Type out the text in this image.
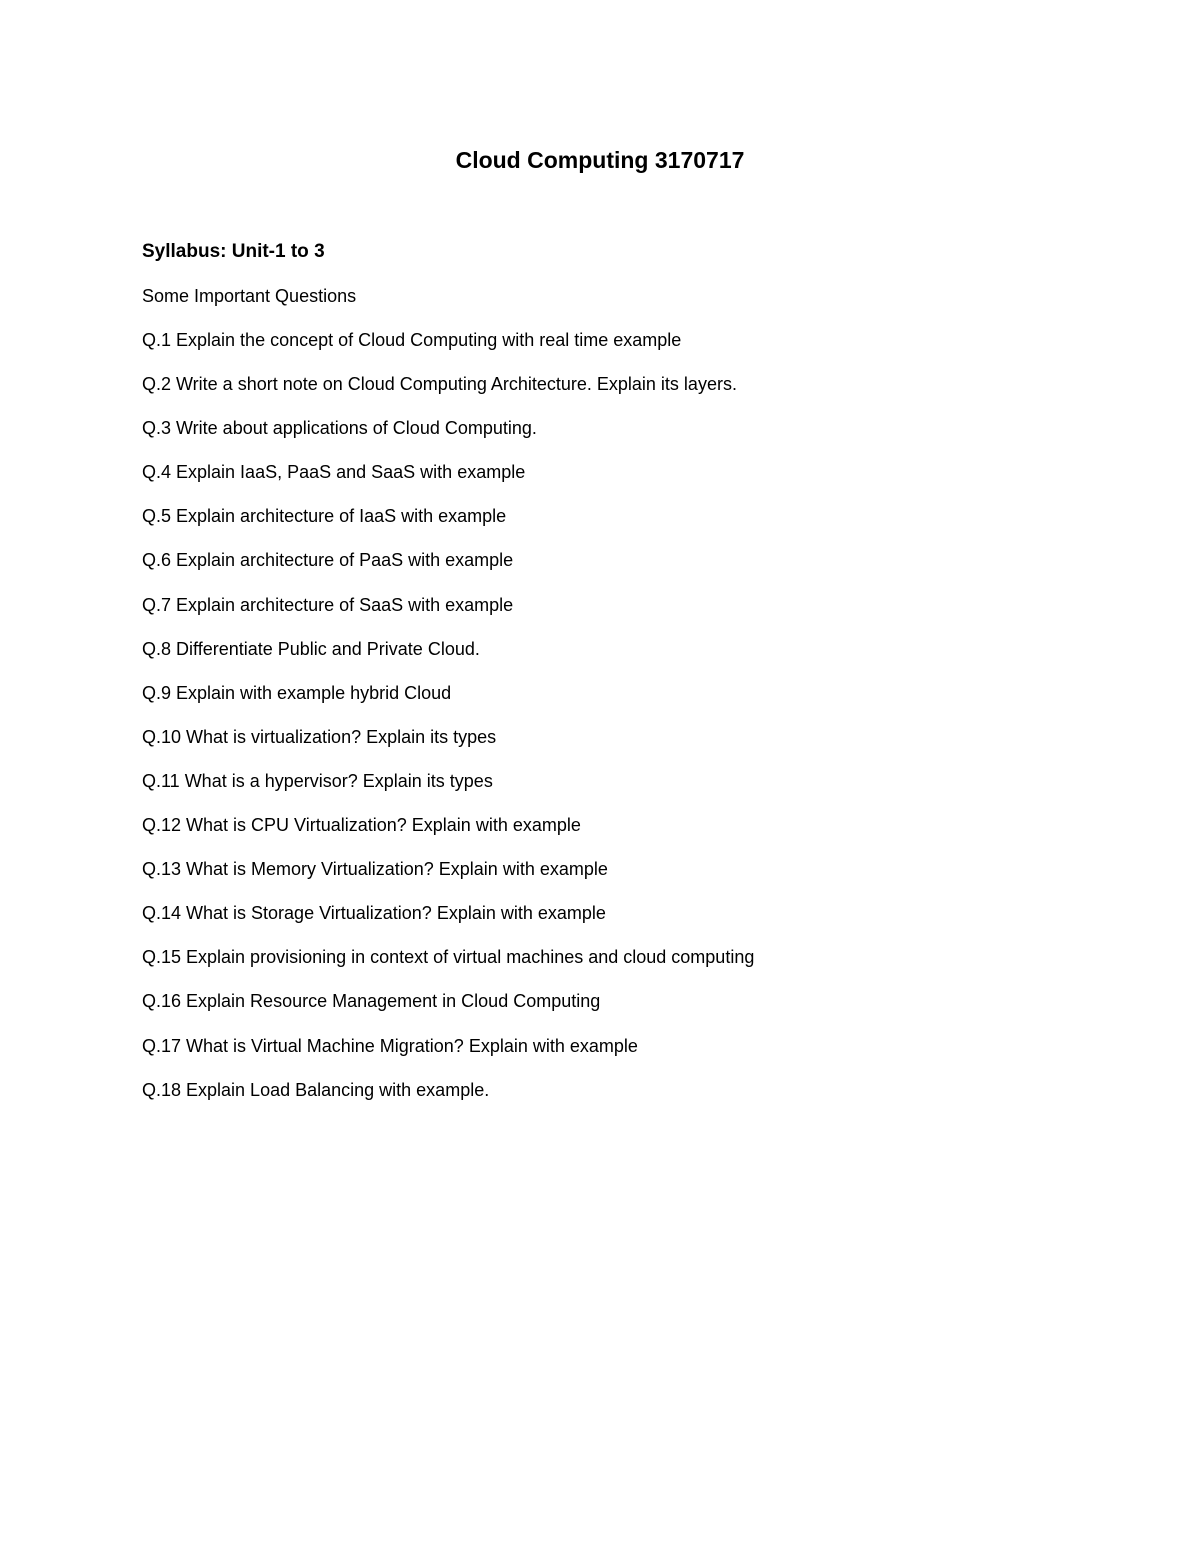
Cloud Computing 3170717

Syllabus: Unit-1 to 3

Some Important Questions

Q.1 Explain the concept of Cloud Computing with real time example
Q.2 Write a short note on Cloud Computing Architecture. Explain its layers.
Q.3 Write about applications of Cloud Computing.
Q.4 Explain IaaS, PaaS and SaaS with example
Q.5 Explain architecture of IaaS with example
Q.6 Explain architecture of PaaS with example
Q.7 Explain architecture of SaaS with example
Q.8 Differentiate Public and Private Cloud.
Q.9 Explain with example hybrid Cloud
Q.10 What is virtualization? Explain its types
Q.11 What is a hypervisor? Explain its types
Q.12 What is CPU Virtualization? Explain with example
Q.13 What is Memory Virtualization? Explain with example
Q.14 What is Storage Virtualization? Explain with example
Q.15 Explain provisioning in context of virtual machines and cloud computing
Q.16 Explain Resource Management in Cloud Computing
Q.17 What is Virtual Machine Migration? Explain with example
Q.18 Explain Load Balancing with example.
